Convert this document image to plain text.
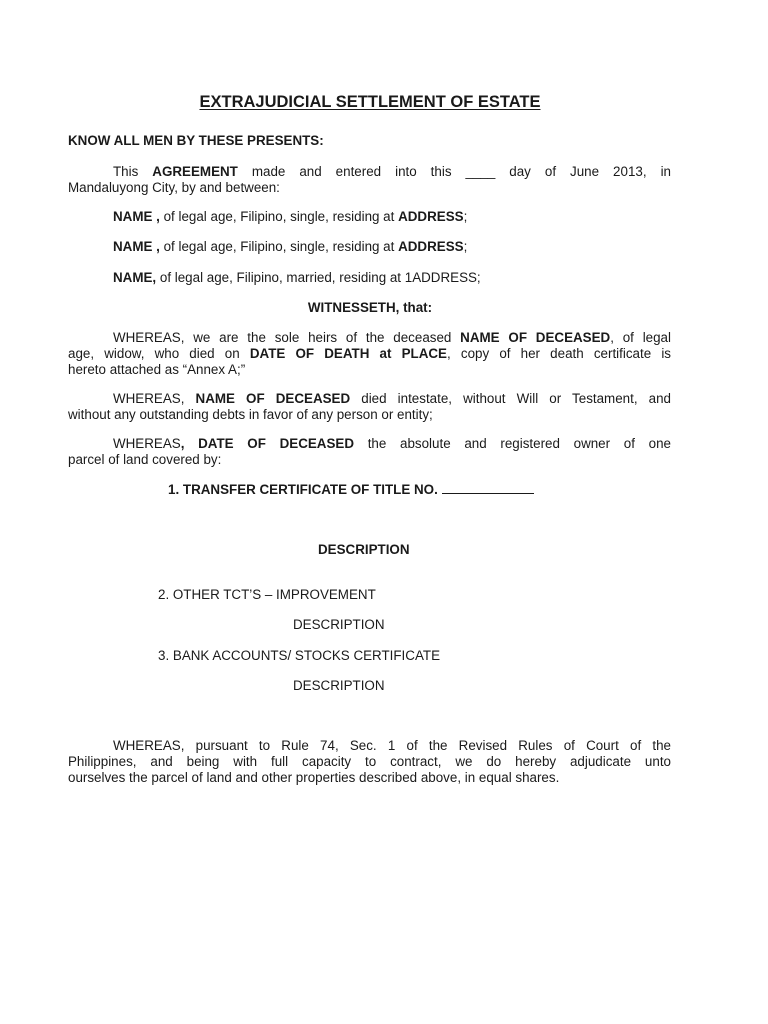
EXTRAJUDICIAL SETTLEMENT OF ESTATE
KNOW ALL MEN BY THESE PRESENTS:
This AGREEMENT made and entered into this ____ day of June 2013, in
Mandaluyong City, by and between:
NAME , of legal age, Filipino, single, residing at ADDRESS;
NAME , of legal age, Filipino, single, residing at ADDRESS;
NAME, of legal age, Filipino, married, residing at 1ADDRESS;
WITNESSETH, that:
WHEREAS, we are the sole heirs of the deceased NAME OF DECEASED, of legal
age, widow, who died on DATE OF DEATH at PLACE, copy of her death certificate is
hereto attached as “Annex A;”
WHEREAS, NAME OF DECEASED died intestate, without Will or Testament, and
without any outstanding debts in favor of any person or entity;
WHEREAS, DATE OF DECEASED the absolute and registered owner of one
parcel of land covered by:
1. TRANSFER CERTIFICATE OF TITLE NO.
DESCRIPTION
2. OTHER TCT’S – IMPROVEMENT
DESCRIPTION
3. BANK ACCOUNTS/ STOCKS CERTIFICATE
DESCRIPTION
WHEREAS, pursuant to Rule 74, Sec. 1 of the Revised Rules of Court of the
Philippines, and being with full capacity to contract, we do hereby adjudicate unto
ourselves the parcel of land and other properties described above, in equal shares.
